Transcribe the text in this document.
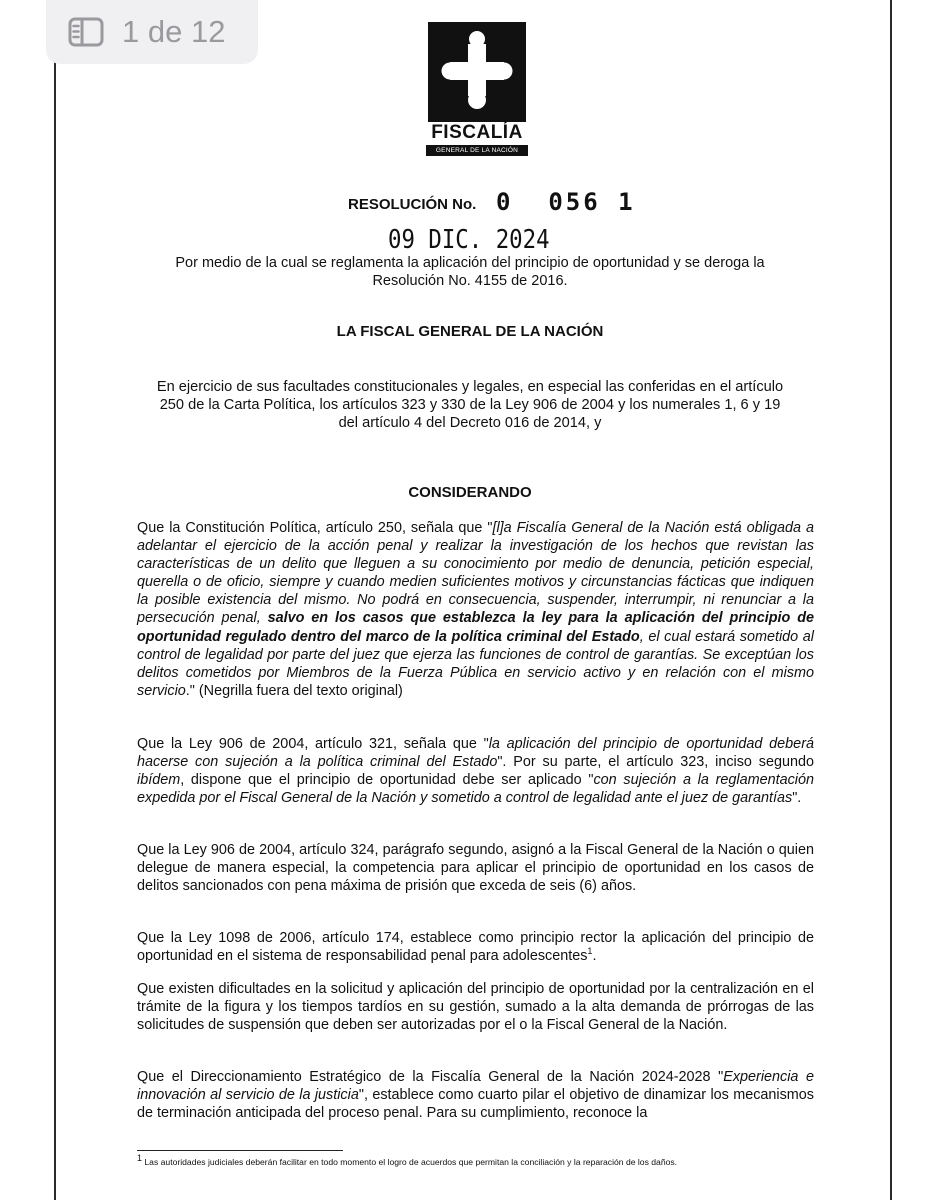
1 de 12
FISCALÍA
GENERAL DE LA NACIÓN
RESOLUCIÓN No. 0  056 1
09 DIC. 2024
Por medio de la cual se reglamenta la aplicación del principio de oportunidad y se deroga la
Resolución No. 4155 de 2016.
LA FISCAL GENERAL DE LA NACIÓN
En ejercicio de sus facultades constitucionales y legales, en especial las conferidas en el artículo
250 de la Carta Política, los artículos 323 y 330 de la Ley 906 de 2004 y los numerales 1, 6 y 19
del artículo 4 del Decreto 016 de 2014, y
CONSIDERANDO
Que la Constitución Política, artículo 250, señala que "[l]a Fiscalía General de la Nación está obligada a adelantar el ejercicio de la acción penal y realizar la investigación de los hechos que revistan las características de un delito que lleguen a su conocimiento por medio de denuncia, petición especial, querella o de oficio, siempre y cuando medien suficientes motivos y circunstancias fácticas que indiquen la posible existencia del mismo. No podrá en consecuencia, suspender, interrumpir, ni renunciar a la persecución penal, salvo en los casos que establezca la ley para la aplicación del principio de oportunidad regulado dentro del marco de la política criminal del Estado, el cual estará sometido al control de legalidad por parte del juez que ejerza las funciones de control de garantías. Se exceptúan los delitos cometidos por Miembros de la Fuerza Pública en servicio activo y en relación con el mismo servicio." (Negrilla fuera del texto original)
Que la Ley 906 de 2004, artículo 321, señala que "la aplicación del principio de oportunidad deberá hacerse con sujeción a la política criminal del Estado". Por su parte, el artículo 323, inciso segundo ibídem, dispone que el principio de oportunidad debe ser aplicado "con sujeción a la reglamentación expedida por el Fiscal General de la Nación y sometido a control de legalidad ante el juez de garantías".
Que la Ley 906 de 2004, artículo 324, parágrafo segundo, asignó a la Fiscal General de la Nación o quien delegue de manera especial, la competencia para aplicar el principio de oportunidad en los casos de delitos sancionados con pena máxima de prisión que exceda de seis (6) años.
Que la Ley 1098 de 2006, artículo 174, establece como principio rector la aplicación del principio de oportunidad en el sistema de responsabilidad penal para adolescentes$^1$.
Que existen dificultades en la solicitud y aplicación del principio de oportunidad por la centralización en el trámite de la figura y los tiempos tardíos en su gestión, sumado a la alta demanda de prórrogas de las solicitudes de suspensión que deben ser autorizadas por el o la Fiscal General de la Nación.
Que el Direccionamiento Estratégico de la Fiscalía General de la Nación 2024-2028 "Experiencia e innovación al servicio de la justicia", establece como cuarto pilar el objetivo de dinamizar los mecanismos de terminación anticipada del proceso penal. Para su cumplimiento, reconoce la
$^1$ Las autoridades judiciales deberán facilitar en todo momento el logro de acuerdos que permitan la conciliación y la reparación de los daños.
